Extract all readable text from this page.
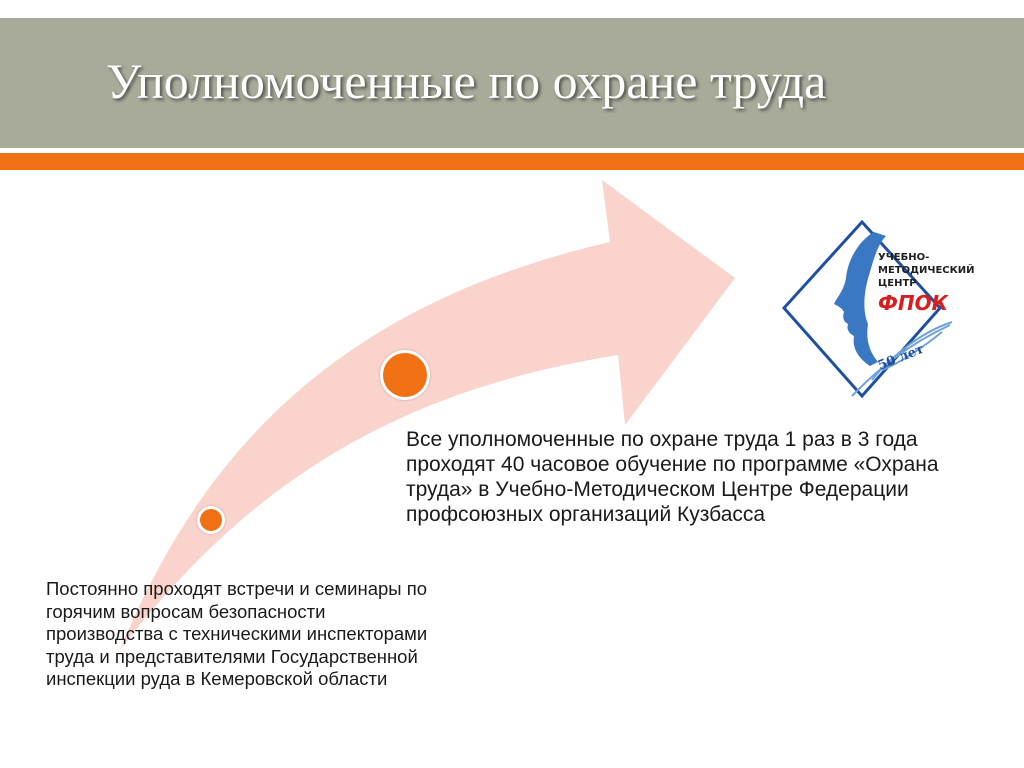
Уполномоченные по охране труда
УЧЕБНО-
МЕТОДИЧЕСКИЙ
ЦЕНТР
ФПОК
50 лет
Все уполномоченные по охране труда 1 раз в 3 года проходят 40 часовое обучение по программе «Охрана труда» в Учебно-Методическом Центре Федерации профсоюзных организаций Кузбасса
Постоянно проходят встречи и семинары по горячим вопросам безопасности производства с техническими инспекторами труда и представителями Государственной инспекции руда в Кемеровской области
